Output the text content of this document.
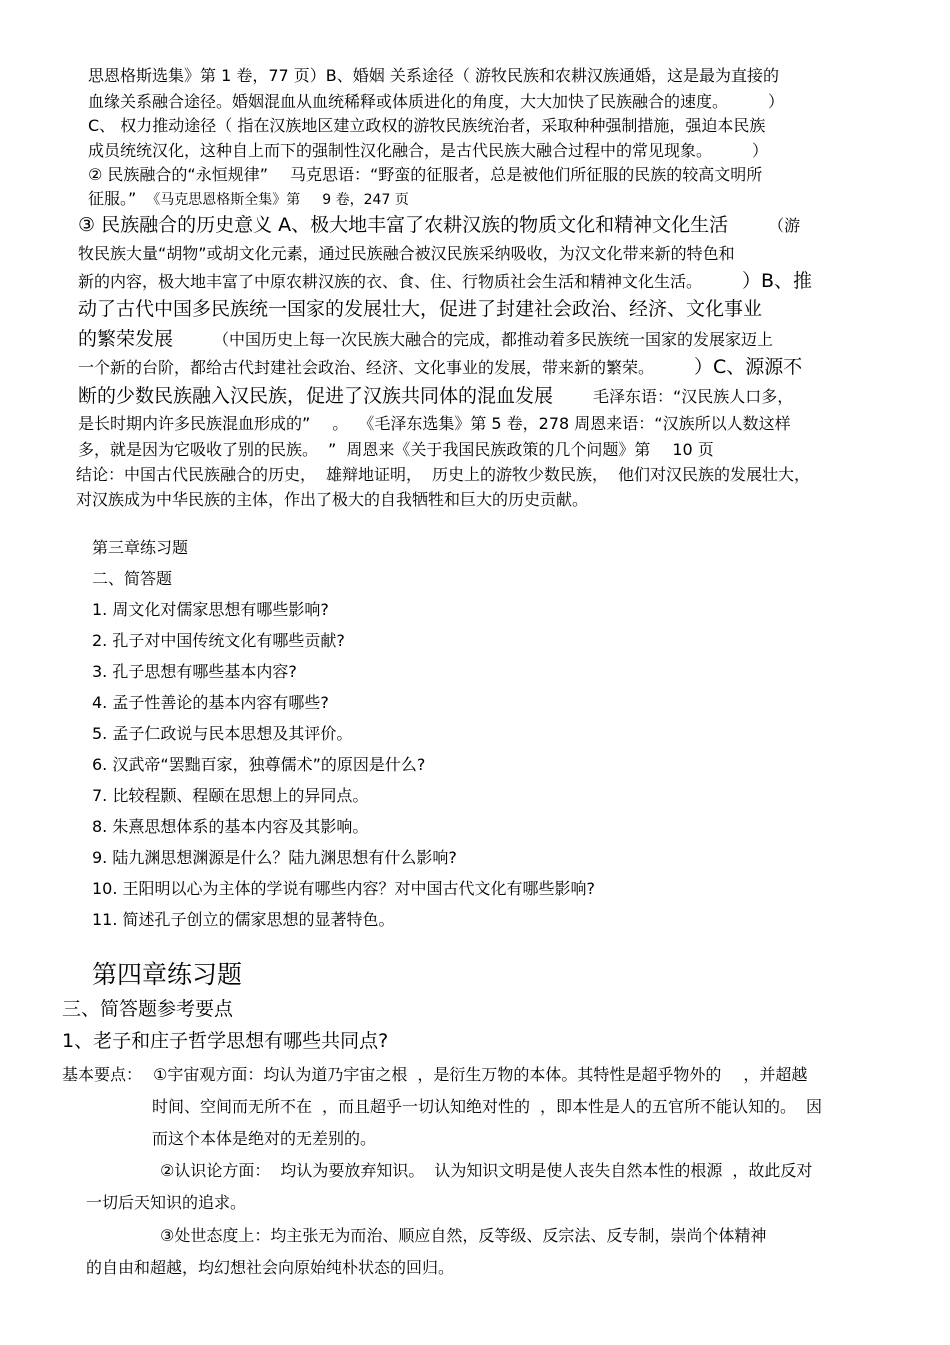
思恩格斯选集》第 1 卷，77 页）B、婚姻 关系途径（ 游牧民族和农耕汉族通婚，这是最为直接的
血缘关系融合途径。婚姻混血从血统稀释或体质进化的角度，大大加快了民族融合的速度。	）
C、 权力推动途径（ 指在汉族地区建立政权的游牧民族统治者，采取种种强制措施，强迫本民族
成员统统汉化，这种自上而下的强制性汉化融合，是古代民族大融合过程中的常见现象。	）
② 民族融合的“永恒规律” 马克思语：“野蛮的征服者，总是被他们所征服的民族的较高文明所
征服。” 《马克思恩格斯全集》第 9 卷，247 页
③ 民族融合的历史意义 A、极大地丰富了农耕汉族的物质文化和精神文化生活	（游
牧民族大量“胡物”或胡文化元素，通过民族融合被汉民族采纳吸收，为汉文化带来新的特色和
新的内容，极大地丰富了中原农耕汉族的衣、食、住、行物质社会生活和精神文化生活。 ）B、推
动了古代中国多民族统一国家的发展壮大，促进了封建社会政治、经济、文化事业
的繁荣发展	（中国历史上每一次民族大融合的完成，都推动着多民族统一国家的发展家迈上
一个新的台阶，都给古代封建社会政治、经济、文化事业的发展，带来新的繁荣。 ）C、源源不
断的少数民族融入汉民族，促进了汉族共同体的混血发展	毛泽东语：“汉民族人口多，
是长时期内许多民族混血形成的” 。 《毛泽东选集》第 5 卷，278 周恩来语：“汉族所以人数这样
多，就是因为它吸收了别的民族。 ” 周恩来《关于我国民族政策的几个问题》第 10 页
结论：中国古代民族融合的历史， 雄辩地证明， 历史上的游牧少数民族， 他们对汉民族的发展壮大，
对汉族成为中华民族的主体，作出了极大的自我牺牲和巨大的历史贡献。
第三章练习题
二、简答题
1. 周文化对儒家思想有哪些影响?
2. 孔子对中国传统文化有哪些贡献?
3. 孔子思想有哪些基本内容?
4. 孟子性善论的基本内容有哪些?
5. 孟子仁政说与民本思想及其评价。
6. 汉武帝“罢黜百家，独尊儒术”的原因是什么?
7. 比较程颢、程颐在思想上的异同点。
8. 朱熹思想体系的基本内容及其影响。
9. 陆九渊思想渊源是什么？陆九渊思想有什么影响?
10. 王阳明以心为主体的学说有哪些内容？对中国古代文化有哪些影响?
11. 简述孔子创立的儒家思想的显著特色。
第四章练习题
三、简答题参考要点
1、老子和庄子哲学思想有哪些共同点?
基本要点： ①宇宙观方面：均认为道乃宇宙之根 ，是衍生万物的本体。其特性是超乎物外的 ，并超越
时间、空间而无所不在 ，而且超乎一切认知绝对性的 ，即本性是人的五官所不能认知的。 因
而这个本体是绝对的无差别的。
②认识论方面： 均认为要放弃知识。 认为知识文明是使人丧失自然本性的根源 ，故此反对
一切后天知识的追求。
③处世态度上：均主张无为而治、顺应自然，反等级、反宗法、反专制，崇尚个体精神
的自由和超越，均幻想社会向原始纯朴状态的回归。
